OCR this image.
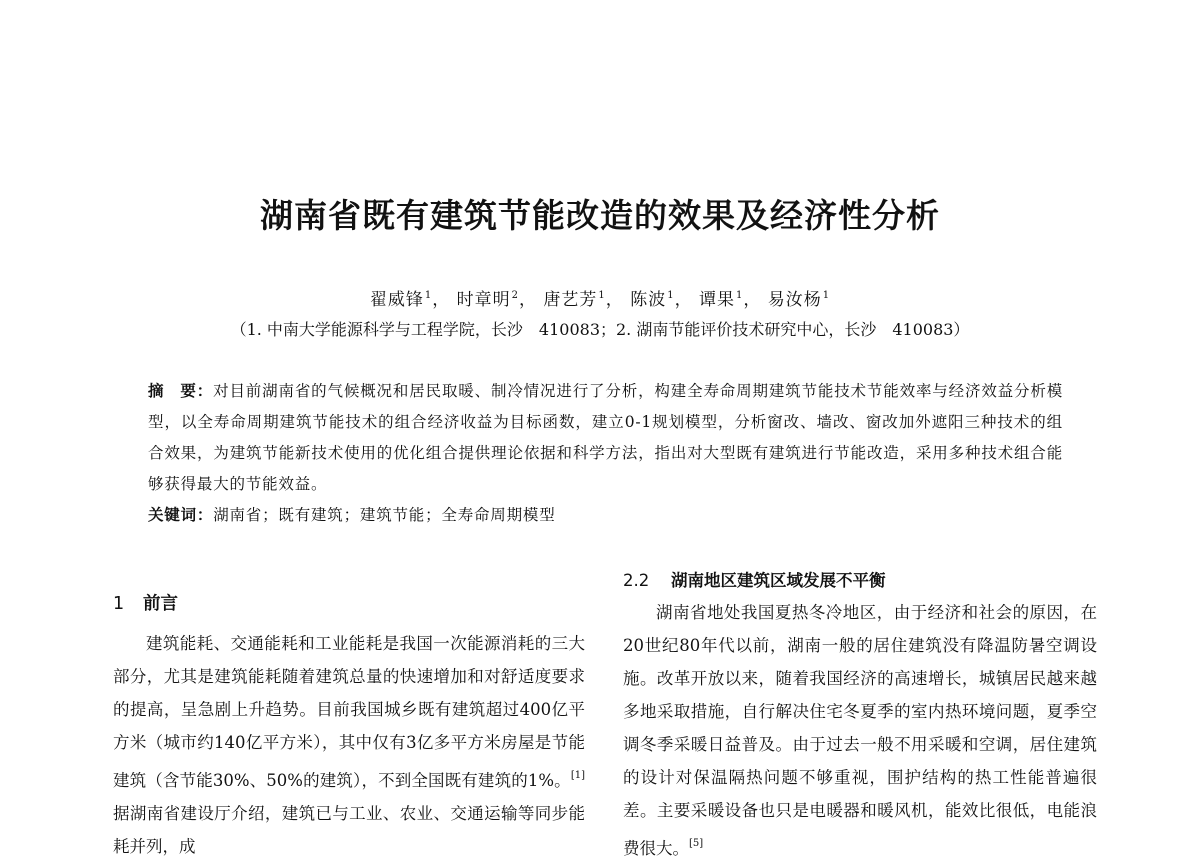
湖南省既有建筑节能改造的效果及经济性分析
翟威锋$^1$， 时章明$^2$， 唐艺芳$^1$， 陈波$^1$， 谭果$^1$， 易汝杨$^1$
（1. 中南大学能源科学与工程学院，长沙　410083；2. 湖南节能评价技术研究中心，长沙　410083）
摘 要：对目前湖南省的气候概况和居民取暖、制冷情况进行了分析，构建全寿命周期建筑节能技术节能效率与经济效益分析模型，以全寿命周期建筑节能技术的组合经济收益为目标函数，建立0-1规划模型，分析窗改、墙改、窗改加外遮阳三种技术的组合效果，为建筑节能新技术使用的优化组合提供理论依据和科学方法，指出对大型既有建筑进行节能改造，采用多种技术组合能够获得最大的节能效益。
关键词：湖南省；既有建筑；建筑节能；全寿命周期模型
1 前言
建筑能耗、交通能耗和工业能耗是我国一次能源消耗的三大部分，尤其是建筑能耗随着建筑总量的快速增加和对舒适度要求的提高，呈急剧上升趋势。目前我国城乡既有建筑超过400亿平方米（城市约140亿平方米），其中仅有3亿多平方米房屋是节能建筑（含节能30%、50%的建筑），不到全国既有建筑的1%。[1]据湖南省建设厅介绍，建筑已与工业、农业、交通运输等同步能耗并列，成
2.2 湖南地区建筑区域发展不平衡
湖南省地处我国夏热冬冷地区，由于经济和社会的原因，在20世纪80年代以前，湖南一般的居住建筑没有降温防暑空调设施。改革开放以来，随着我国经济的高速增长，城镇居民越来越多地采取措施，自行解决住宅冬夏季的室内热环境问题，夏季空调冬季采暖日益普及。由于过去一般不用采暖和空调，居住建筑的设计对保温隔热问题不够重视，围护结构的热工性能普遍很差。主要采暖设备也只是电暖器和暖风机，能效比很低，电能浪费很大。[5]
